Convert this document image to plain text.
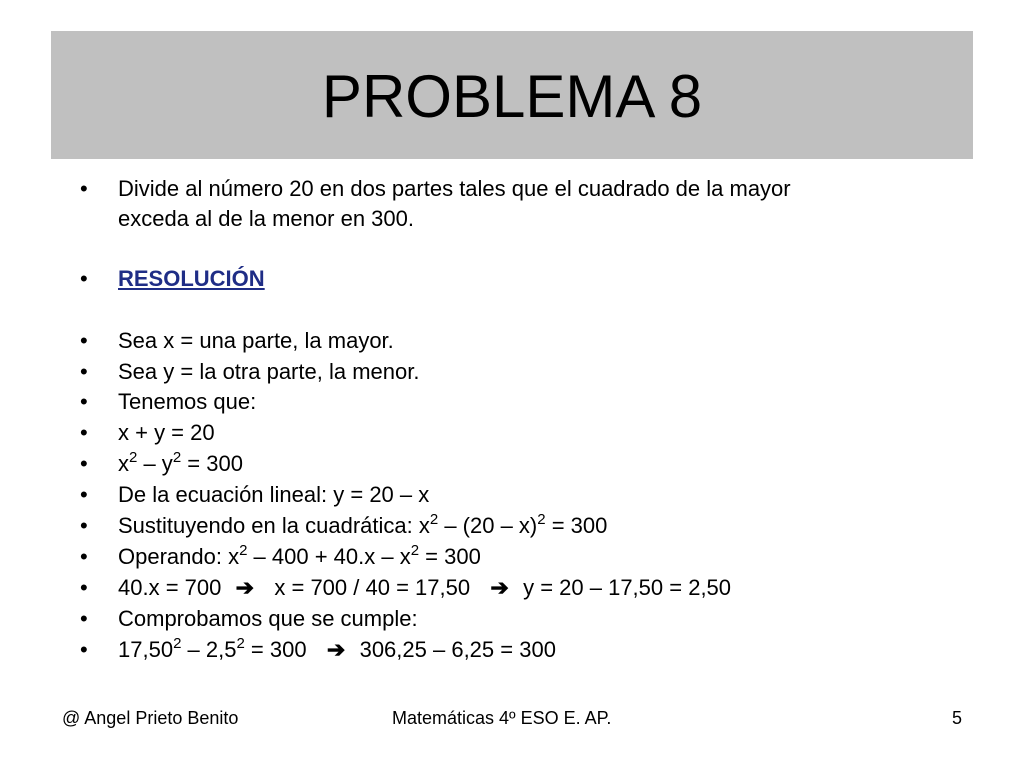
PROBLEMA 8
• Divide al número 20 en dos partes tales que el cuadrado de la mayor
exceda al de la menor en 300.
• RESOLUCIÓN
• Sea x = una parte, la mayor.
• Sea y = la otra parte, la menor.
• Tenemos que:
• x + y = 20
• $x^2 - y^2 = 300$
• De la ecuación lineal: y = 20 – x
• Sustituyendo en la cuadrática: $x^2 - (20 - x)^2 = 300$
• Operando: $x^2 - 400 + 40.x - x^2 = 300$
• 40.x = 700  ➔   x = 700 / 40 = 17,50   ➔  y = 20 – 17,50 = 2,50
• Comprobamos que se cumple:
• $17,50^2 - 2,5^2 = 300$   ➔  306,25 – 6,25 = 300
@ Angel Prieto Benito	Matemáticas 4º ESO E. AP.	5
